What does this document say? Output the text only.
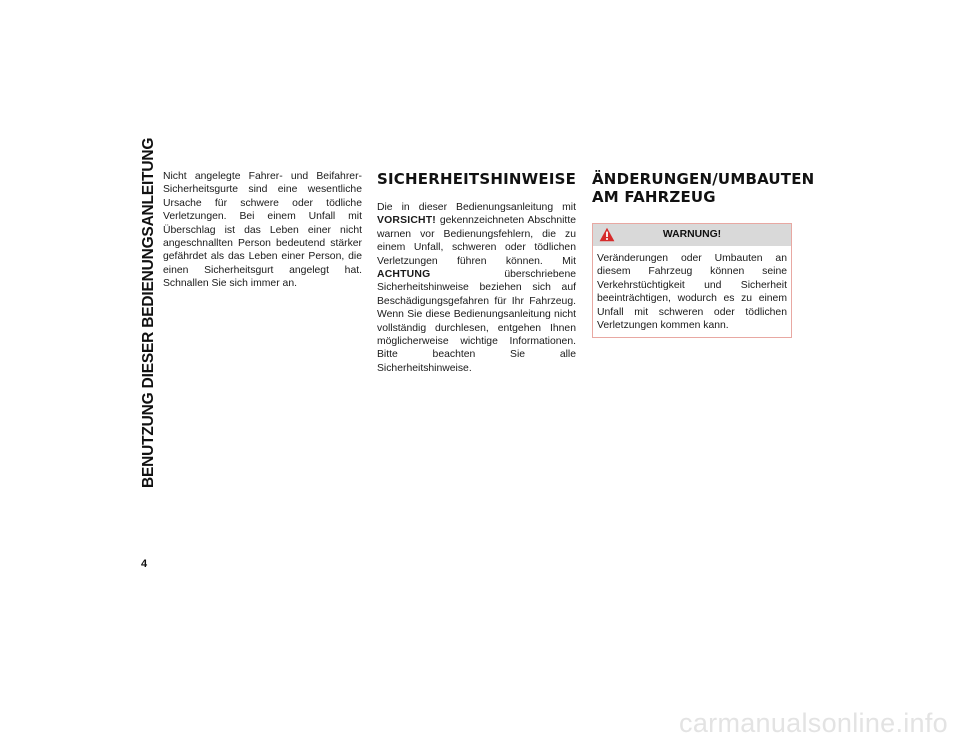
BENUTZUNG DIESER BEDIENUNGSANLEITUNG
4

Nicht angelegte Fahrer- und Beifahrer-Sicherheitsgurte sind eine wesentliche Ursache für schwere oder tödliche Verletzungen. Bei einem Unfall mit Überschlag ist das Leben einer nicht angeschnallten Person bedeutend stärker gefährdet als das Leben einer Person, die einen Sicherheitsgurt angelegt hat. Schnallen Sie sich immer an.

SICHERHEITSHINWEISE

Die in dieser Bedienungsanleitung mit VORSICHT! gekennzeichneten Abschnitte warnen vor Bedienungsfehlern, die zu einem Unfall, schweren oder tödlichen Verletzungen führen können. Mit ACHTUNG überschriebene Sicherheitshinweise beziehen sich auf Beschädigungsgefahren für Ihr Fahrzeug. Wenn Sie diese Bedienungsanleitung nicht vollständig durchlesen, entgehen Ihnen möglicherweise wichtige Informationen. Bitte beachten Sie alle Sicherheitshinweise.

ÄNDERUNGEN/UMBAUTEN AM FAHRZEUG
WARNUNG!
Veränderungen oder Umbauten an diesem Fahrzeug können seine Verkehrstüchtigkeit und Sicherheit beeinträchtigen, wodurch es zu einem Unfall mit schweren oder tödlichen Verletzungen kommen kann.
carmanualsonline.info
